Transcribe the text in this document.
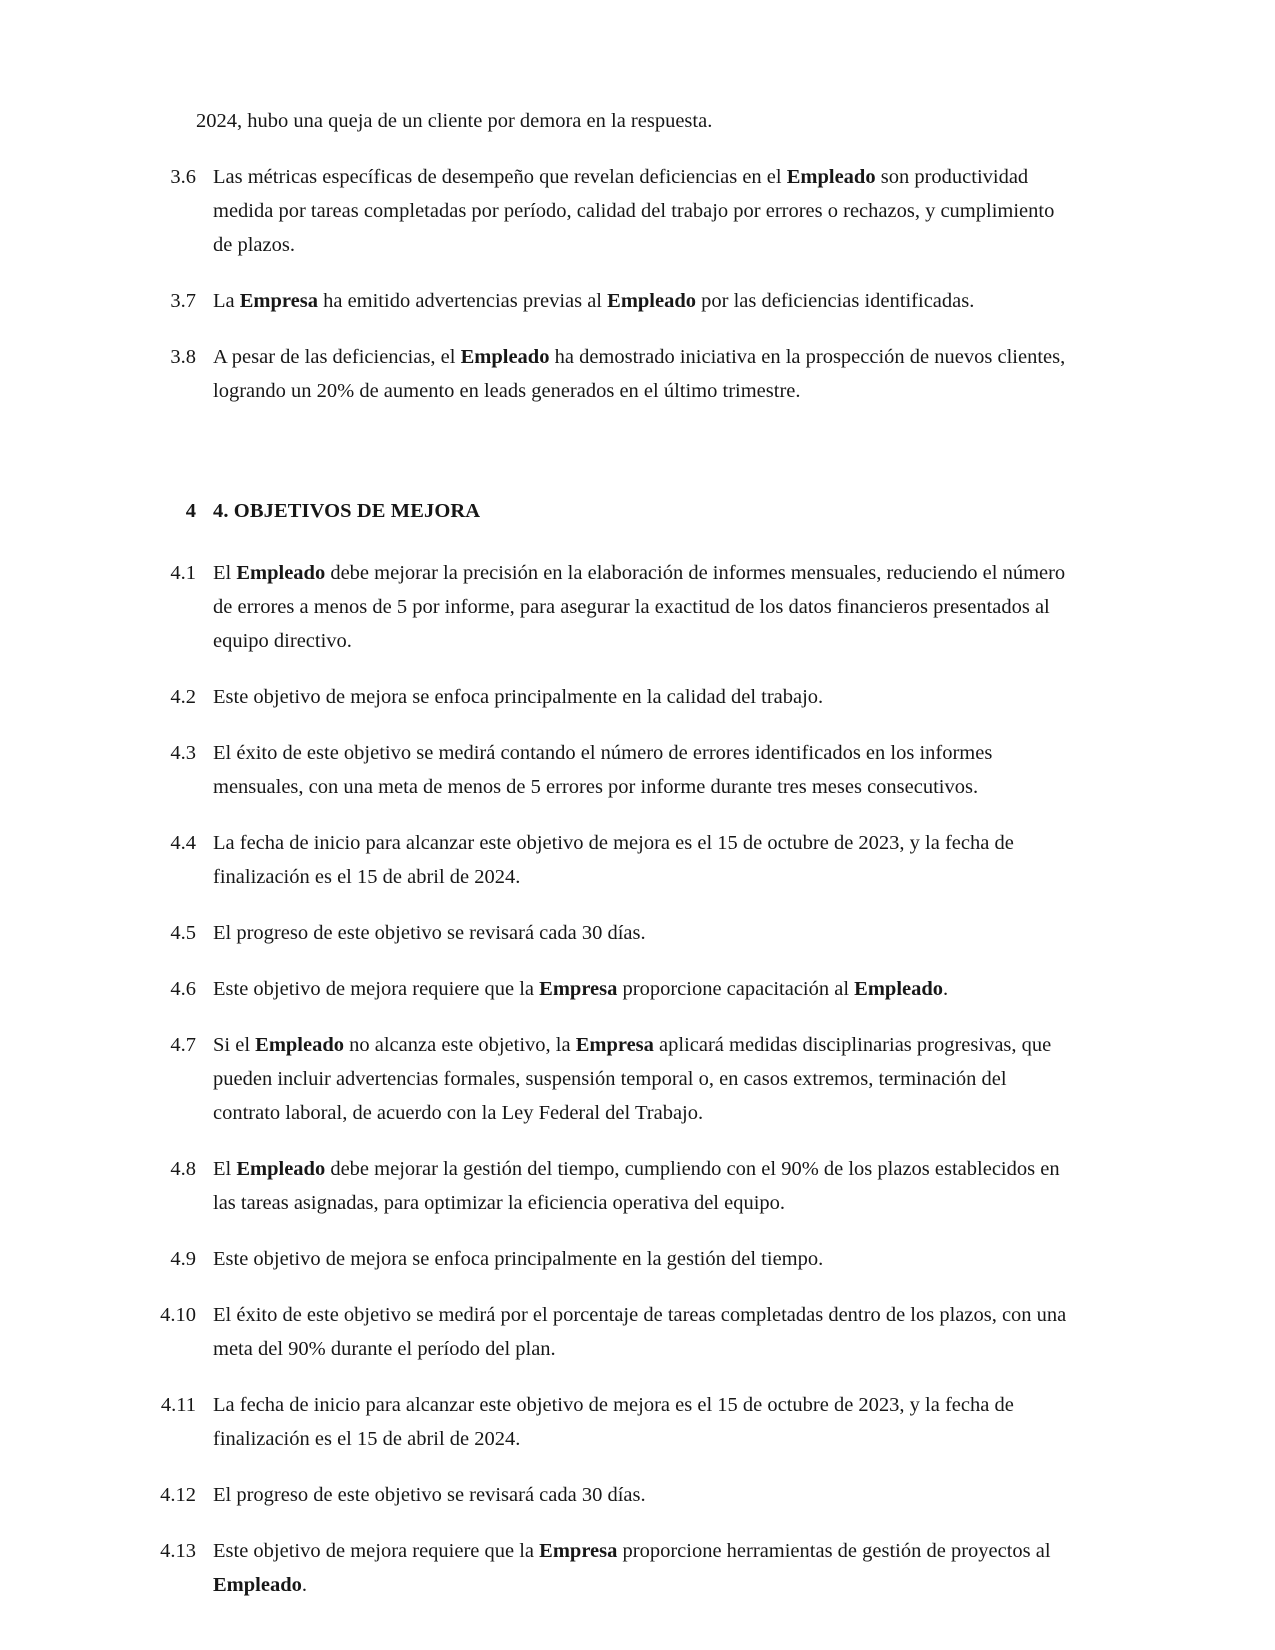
2024, hubo una queja de un cliente por demora en la respuesta.

3.6 Las métricas específicas de desempeño que revelan deficiencias en el Empleado son productividad medida por tareas completadas por período, calidad del trabajo por errores o rechazos, y cumplimiento de plazos.
3.7 La Empresa ha emitido advertencias previas al Empleado por las deficiencias identificadas.
3.8 A pesar de las deficiencias, el Empleado ha demostrado iniciativa en la prospección de nuevos clientes, logrando un 20% de aumento en leads generados en el último trimestre.
4 4. OBJETIVOS DE MEJORA
4.1 El Empleado debe mejorar la precisión en la elaboración de informes mensuales, reduciendo el número de errores a menos de 5 por informe, para asegurar la exactitud de los datos financieros presentados al equipo directivo.
4.2 Este objetivo de mejora se enfoca principalmente en la calidad del trabajo.
4.3 El éxito de este objetivo se medirá contando el número de errores identificados en los informes mensuales, con una meta de menos de 5 errores por informe durante tres meses consecutivos.
4.4 La fecha de inicio para alcanzar este objetivo de mejora es el 15 de octubre de 2023, y la fecha de finalización es el 15 de abril de 2024.
4.5 El progreso de este objetivo se revisará cada 30 días.
4.6 Este objetivo de mejora requiere que la Empresa proporcione capacitación al Empleado.
4.7 Si el Empleado no alcanza este objetivo, la Empresa aplicará medidas disciplinarias progresivas, que pueden incluir advertencias formales, suspensión temporal o, en casos extremos, terminación del contrato laboral, de acuerdo con la Ley Federal del Trabajo.
4.8 El Empleado debe mejorar la gestión del tiempo, cumpliendo con el 90% de los plazos establecidos en las tareas asignadas, para optimizar la eficiencia operativa del equipo.
4.9 Este objetivo de mejora se enfoca principalmente en la gestión del tiempo.
4.10 El éxito de este objetivo se medirá por el porcentaje de tareas completadas dentro de los plazos, con una meta del 90% durante el período del plan.
4.11 La fecha de inicio para alcanzar este objetivo de mejora es el 15 de octubre de 2023, y la fecha de finalización es el 15 de abril de 2024.
4.12 El progreso de este objetivo se revisará cada 30 días.
4.13 Este objetivo de mejora requiere que la Empresa proporcione herramientas de gestión de proyectos al Empleado.
